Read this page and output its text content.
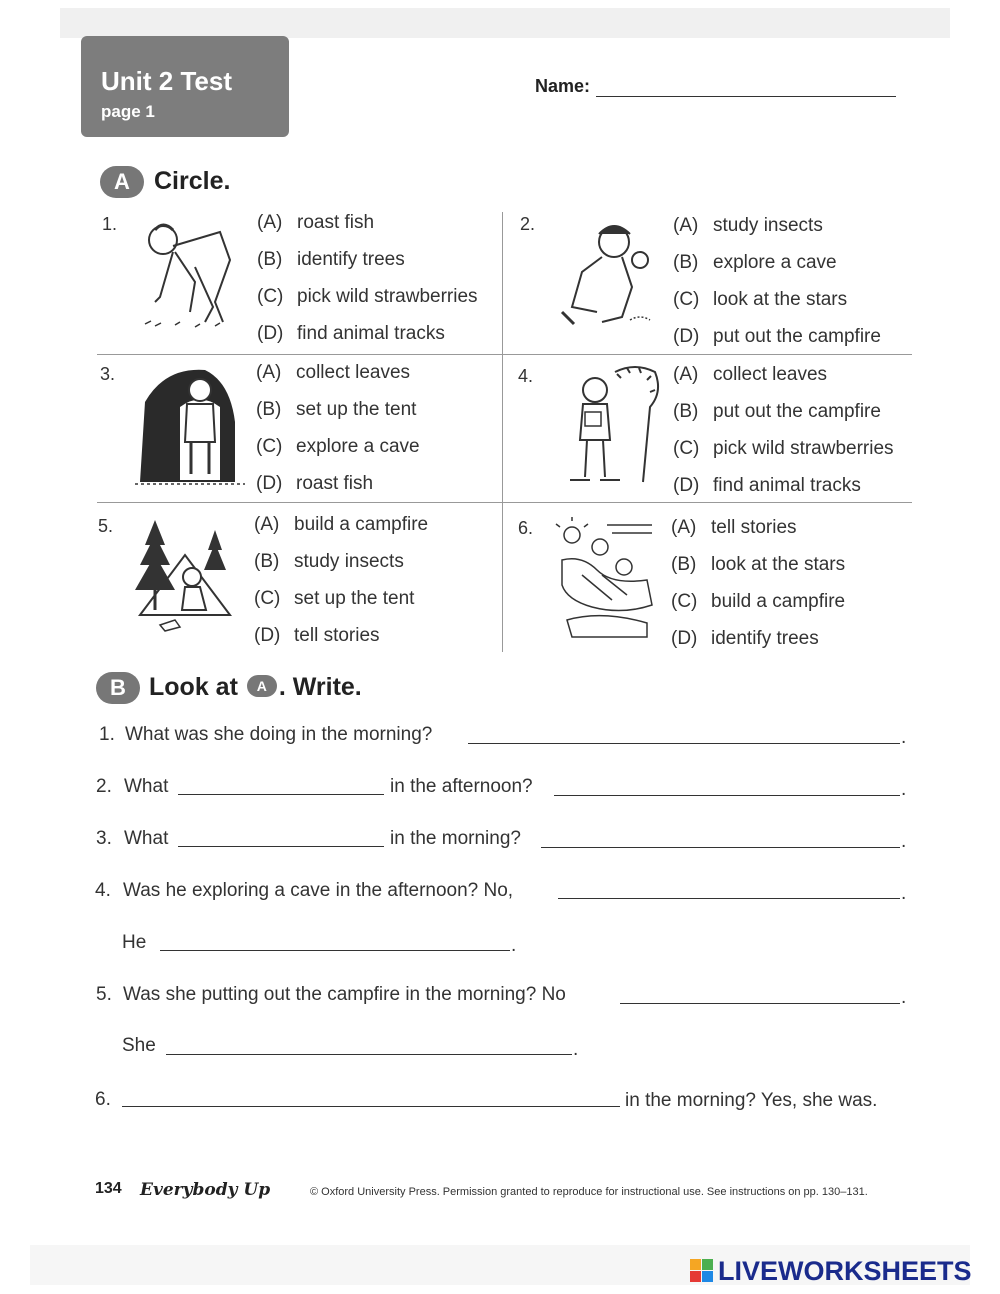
Unit 2 Test
page 1
Name:
A Circle.
1.	(A) roast fish
(B) identify trees
(C) pick wild strawberries
(D) find animal tracks
2.	(A) study insects
(B) explore a cave
(C) look at the stars
(D) put out the campfire
3.	(A) collect leaves
(B) set up the tent
(C) explore a cave
(D) roast fish
4.	(A) collect leaves
(B) put out the campfire
(C) pick wild strawberries
(D) find animal tracks
5.	(A) build a campfire
(B) study insects
(C) set up the tent
(D) tell stories
6.	(A) tell stories
(B) look at the stars
(C) build a campfire
(D) identify trees
B Look at A . Write.
1. What was she doing in the morning?	.
2. What	in the afternoon?	.
3. What	in the morning?	.
4. Was he exploring a cave in the afternoon? No,	.
He	.
5. Was she putting out the campfire in the morning? No	.
She	.
6.	in the morning? Yes, she was.
134 Everybody Up	© Oxford University Press. Permission granted to reproduce for instructional use. See instructions on pp. 130–131.
LIVEWORKSHEETS
